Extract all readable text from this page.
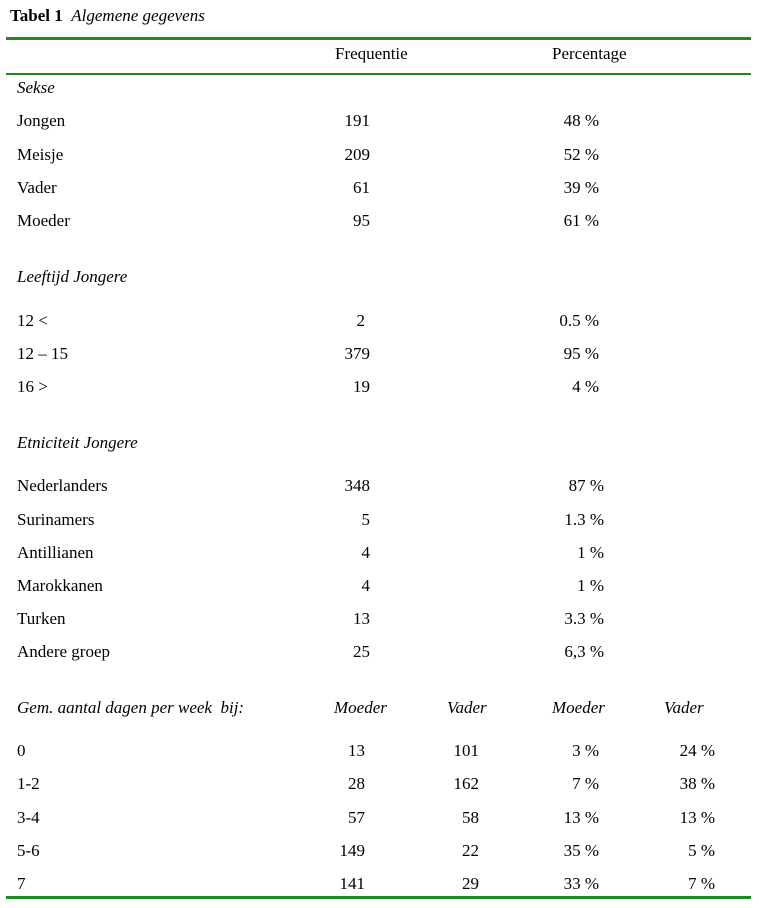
Tabel 1 Algemene gegevens
Frequentie	Percentage
Sekse
Jongen	191	48 %
Meisje	209	52 %
Vader	61	39 %
Moeder	95	61 %
Leeftijd Jongere
12 <	2	0.5 %
12 – 15	379	95 %
16 >	19	4 %
Etniciteit Jongere
Nederlanders	348	87 %
Surinamers	5	1.3 %
Antillianen	4	1 %
Marokkanen	4	1 %
Turken	13	3.3 %
Andere groep	25	6,3 %
Gem. aantal dagen per week  bij:	Moeder	Vader	Moeder	Vader
0	13	101	3 %	24 %
1-2	28	162	7 %	38 %
3-4	57	58	13 %	13 %
5-6	149	22	35 %	5 %
7	141	29	33 %	7 %
